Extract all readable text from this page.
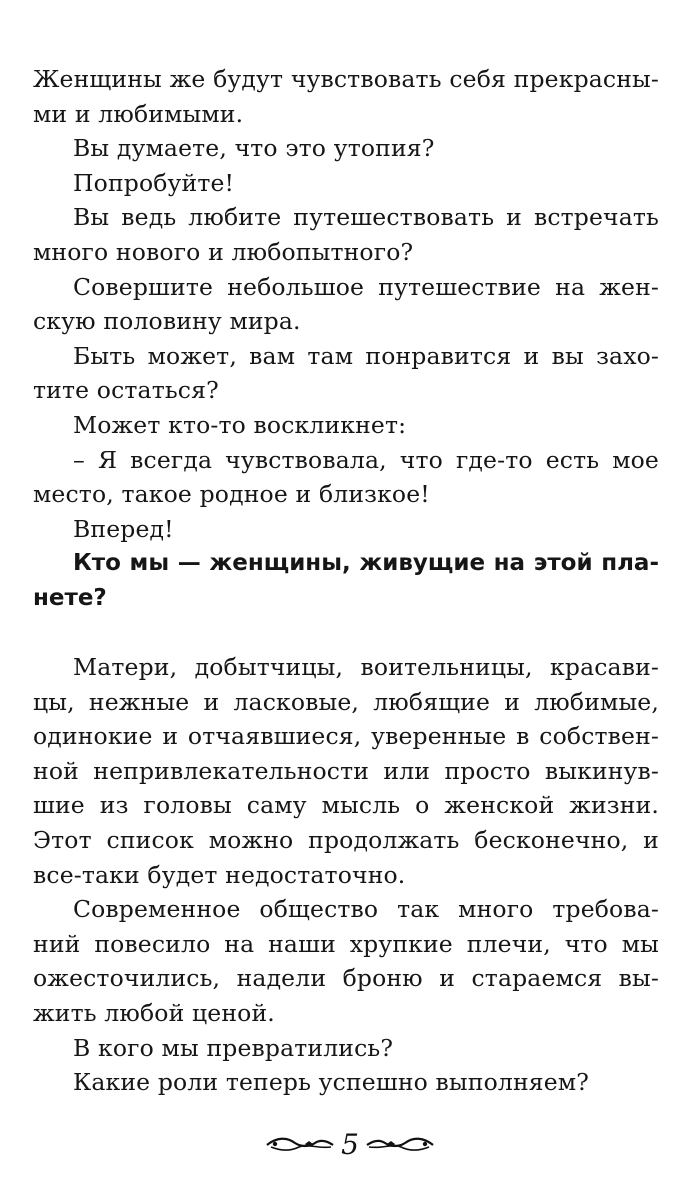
Женщины же будут чувствовать себя прекрасны-
ми и любимыми.

Вы думаете, что это утопия?

Попробуйте!

Вы ведь любите путешествовать и встречать
много нового и любопытного?

Совершите небольшое путешествие на жен-
скую половину мира.

Быть может, вам там понравится и вы захо-
тите остаться?

Может кто-то воскликнет:

– Я всегда чувствовала, что где-то есть мое
место, такое родное и близкое!

Вперед!

Кто мы — женщины, живущие на этой пла-
нете?

Матери, добытчицы, воительницы, красави-
цы, нежные и ласковые, любящие и любимые,
одинокие и отчаявшиеся, уверенные в собствен-
ной непривлекательности или просто выкинув-
шие из головы саму мысль о женской жизни.
Этот список можно продолжать бесконечно, и
все-таки будет недостаточно.

Современное общество так много требова-
ний повесило на наши хрупкие плечи, что мы
ожесточились, надели броню и стараемся вы-
жить любой ценой.

В кого мы превратились?

Какие роли теперь успешно выполняем?

5
